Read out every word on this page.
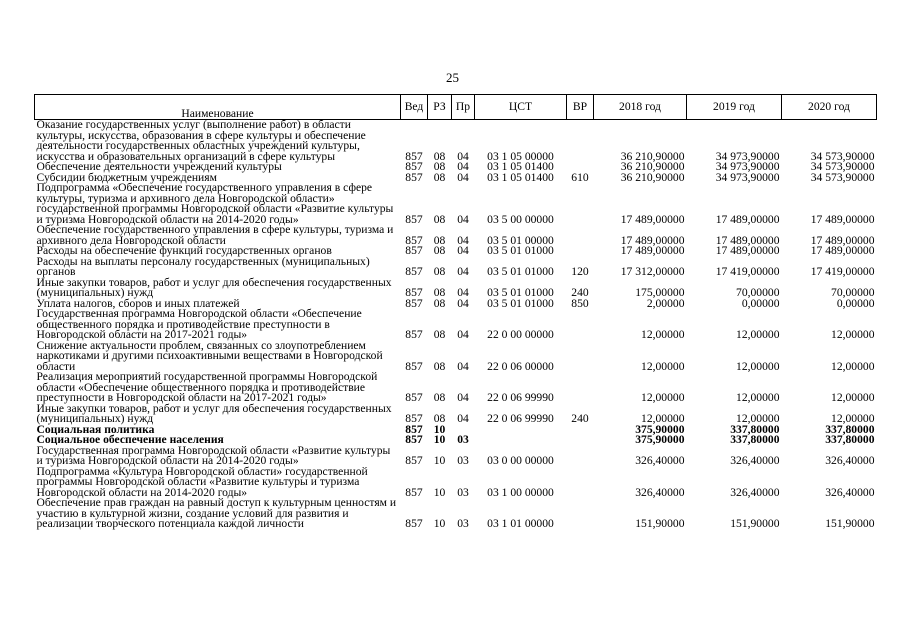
25
Наименование	Вед	РЗ	Пр	ЦСТ	ВР	2018 год	2019 год	2020 год
Оказание государственных услуг (выполнение работ) в области культуры, искусства, образования в сфере культуры и обеспечение деятельности государственных областных учреждений культуры, искусства и образовательных организаций в сфере культуры	857	08	04	03 1 05 00000		36 210,90000	34 973,90000	34 573,90000
Обеспечение деятельности учреждений культуры	857	08	04	03 1 05 01400		36 210,90000	34 973,90000	34 573,90000
Субсидии бюджетным учреждениям	857	08	04	03 1 05 01400	610	36 210,90000	34 973,90000	34 573,90000
Подпрограмма «Обеспечение государственного управления в сфере культуры, туризма и архивного дела Новгородской области» государственной программы Новгородской области «Развитие культуры и туризма Новгородской области на 2014-2020 годы»	857	08	04	03 5 00 00000		17 489,00000	17 489,00000	17 489,00000
Обеспечение государственного управления в сфере культуры, туризма и архивного дела Новгородской области	857	08	04	03 5 01 00000		17 489,00000	17 489,00000	17 489,00000
Расходы на обеспечение функций государственных органов	857	08	04	03 5 01 01000		17 489,00000	17 489,00000	17 489,00000
Расходы на выплаты персоналу государственных (муниципальных) органов	857	08	04	03 5 01 01000	120	17 312,00000	17 419,00000	17 419,00000
Иные закупки товаров, работ и услуг для обеспечения государственных (муниципальных) нужд	857	08	04	03 5 01 01000	240	175,00000	70,00000	70,00000
Уплата налогов, сборов и иных платежей	857	08	04	03 5 01 01000	850	2,00000	0,00000	0,00000
Государственная программа Новгородской области «Обеспечение общественного порядка и противодействие преступности в Новгородской области на 2017-2021 годы»	857	08	04	22 0 00 00000		12,00000	12,00000	12,00000
Снижение актуальности проблем, связанных со злоупотреблением наркотиками и другими психоактивными веществами в Новгородской области	857	08	04	22 0 06 00000		12,00000	12,00000	12,00000
Реализация мероприятий государственной программы Новгородской области «Обеспечение общественного порядка и противодействие преступности в Новгородской области на 2017-2021 годы»	857	08	04	22 0 06 99990		12,00000	12,00000	12,00000
Иные закупки товаров, работ и услуг для обеспечения государственных (муниципальных) нужд	857	08	04	22 0 06 99990	240	12,00000	12,00000	12,00000
Социальная политика	857	10				375,90000	337,80000	337,80000
Социальное обеспечение населения	857	10	03			375,90000	337,80000	337,80000
Государственная программа Новгородской области «Развитие культуры и туризма Новгородской области на 2014-2020 годы»	857	10	03	03 0 00 00000		326,40000	326,40000	326,40000
Подпрограмма «Культура Новгородской области» государственной программы Новгородской области «Развитие культуры и туризма Новгородской области на 2014-2020 годы»	857	10	03	03 1 00 00000		326,40000	326,40000	326,40000
Обеспечение прав граждан на равный доступ к культурным ценностям и участию в культурной жизни, создание условий для развития и реализации творческого потенциала каждой личности	857	10	03	03 1 01 00000		151,90000	151,90000	151,90000
